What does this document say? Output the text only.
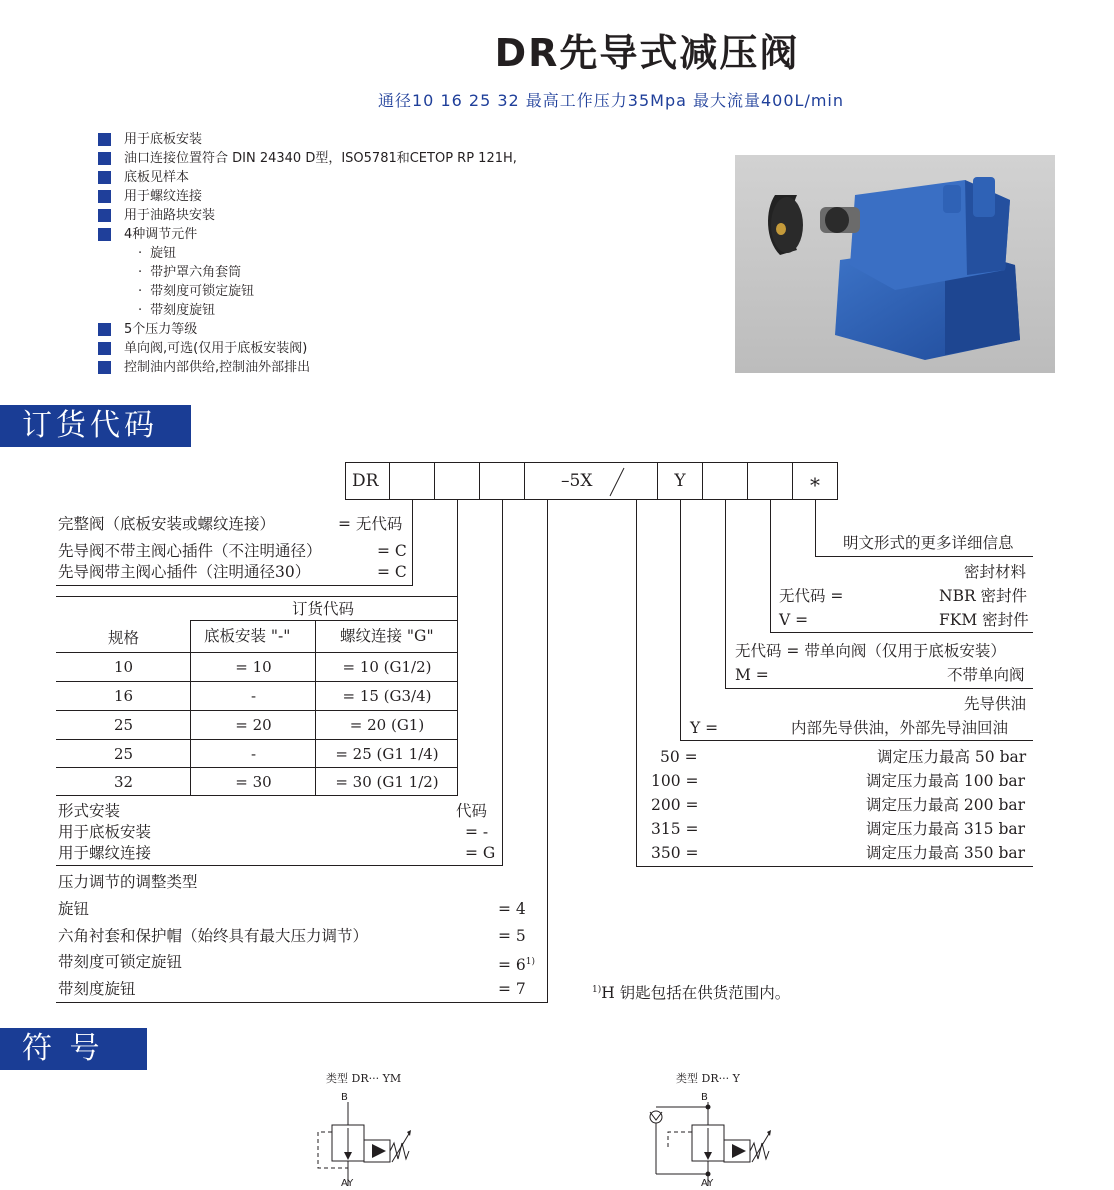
DR先导式减压阀
通径10 16 25 32 最高工作压力35Mpa 最大流量400L/min
用于底板安装
油口连接位置符合 DIN 24340 D型，ISO5781和CETOP RP 121H,
底板见样本
用于螺纹连接
用于油路块安装
4种调节元件
· 旋钮
· 带护罩六角套筒
· 带刻度可锁定旋钮
· 带刻度旋钮
5个压力等级
单向阀,可选(仅用于底板安装阀)
控制油内部供给,控制油外部排出
订货代码
符 号
DR	–5X	Y	*
完整阀（底板安装或螺纹连接）	= 无代码
先导阀不带主阀心插件（不注明通径）	= C
先导阀带主阀心插件（注明通径30）	= C
订货代码
规格	底板安装 "-"	螺纹连接 "G"
10	= 10	= 10 (G1/2)
16	-	= 15 (G3/4)
25	= 20	= 20 (G1)
25	-	= 25 (G1 1/4)
32	= 30	= 30 (G1 1/2)
形式安装	代码
用于底板安装	= -
用于螺纹连接	= G
压力调节的调整类型
旋钮	= 4
六角衬套和保护帽（始终具有最大压力调节）	= 5
带刻度可锁定旋钮	= $6^{1)}$
带刻度旋钮	= 7	$^{1)}$H 钥匙包括在供货范围内。
明文形式的更多详细信息
密封材料
无代码 =	NBR 密封件
V =	FKM 密封件
无代码 = 带单向阀（仅用于底板安装）
M =	不带单向阀
先导供油
Y =	内部先导供油，外部先导油回油
50 =	调定压力最高 50 bar
100 =	调定压力最高 100 bar
200 =	调定压力最高 200 bar
315 =	调定压力最高 315 bar
350 =	调定压力最高 350 bar
类型 DR··· YM	类型 DR··· Y
B
AY
B
AY
